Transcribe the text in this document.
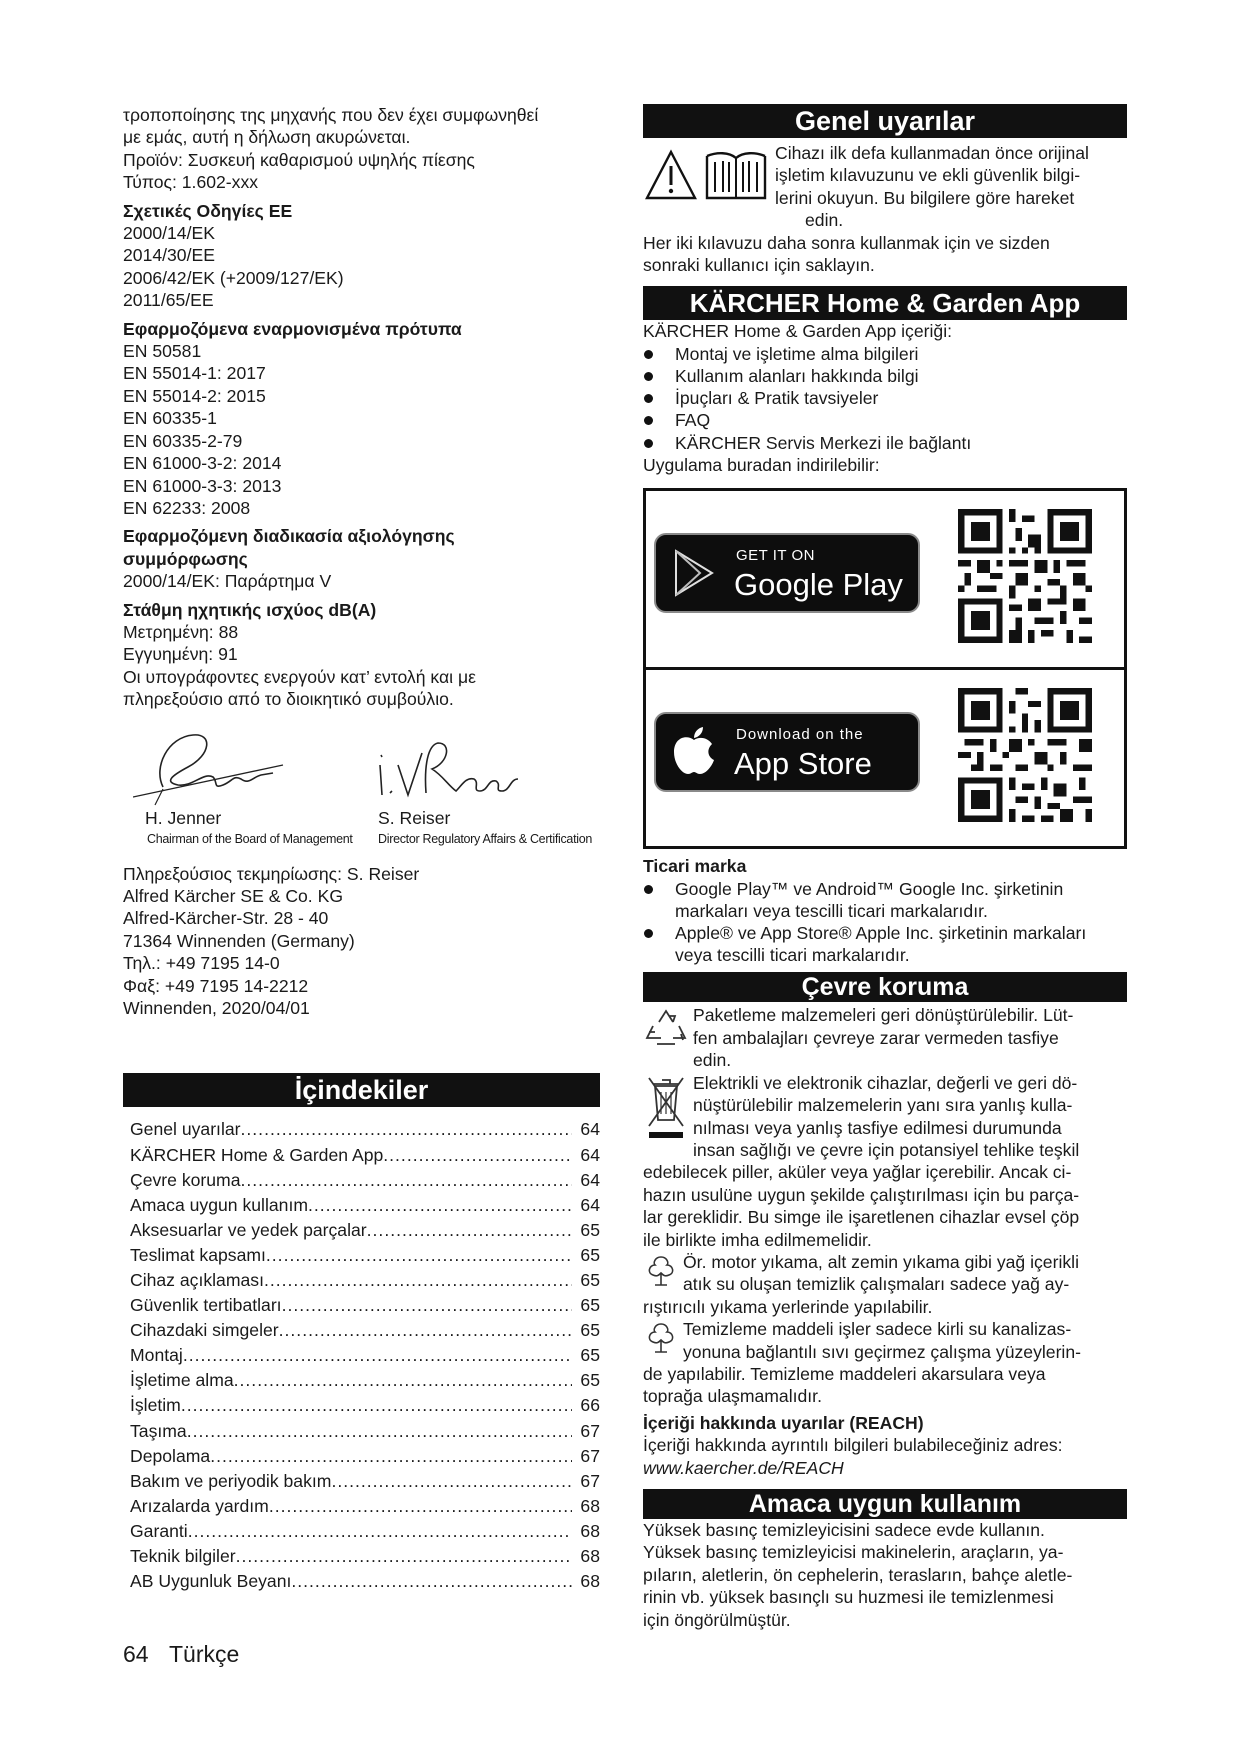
τροποποίησης της μηχανής που δεν έχει συμφωνηθεί

με εμάς, αυτή η δήλωση ακυρώνεται.

Προϊόν: Συσκευή καθαρισμού υψηλής πίεσης

Τύπος: 1.602-xxx

Σχετικές Οδηγίες ΕΕ

2000/14/EK

2014/30/EE

2006/42/EK (+2009/127/EK)

2011/65/EE

Εφαρμοζόμενα εναρμονισμένα πρότυπα

EN 50581

EN 55014-1: 2017

EN 55014-2: 2015

EN 60335-1

EN 60335-2-79

EN 61000-3-2: 2014

EN 61000-3-3: 2013

EN 62233: 2008

Εφαρμοζόμενη διαδικασία αξιολόγησης

συμμόρφωσης

2000/14/EK: Παράρτημα V

Στάθμη ηχητικής ισχύος dB(A)

Μετρημένη: 88

Εγγυημένη: 91

Οι υπογράφοντες ενεργούν κατ’ εντολή και με

πληρεξούσιο από το διοικητικό συμβούλιο.

H. Jenner
Chairman of the Board of Management
S. Reiser
Director Regulatory Affairs & Certification

Πληρεξούσιος τεκμηρίωσης: S. Reiser

Alfred Kärcher SE & Co. KG

Alfred-Kärcher-Str. 28 - 40

71364 Winnenden (Germany)

Τηλ.: +49 7195 14-0

Φαξ: +49 7195 14-2212

Winnenden, 2020/04/01

İçindekiler
Genel uyarılar .....	64
KÄRCHER Home & Garden App .....	64
Çevre koruma .....	64
Amaca uygun kullanım .....	64
Aksesuarlar ve yedek parçalar .....	65
Teslimat kapsamı .....	65
Cihaz açıklaması .....	65
Güvenlik tertibatları .....	65
Cihazdaki simgeler .....	65
Montaj .....	65
İşletime alma .....	65
İşletim .....	66
Taşıma .....	67
Depolama .....	67
Bakım ve periyodik bakım .....	67
Arızalarda yardım .....	68
Garanti .....	68
Teknik bilgiler .....	68
AB Uygunluk Beyanı .....	68
Genel uyarılar

Cihazı ilk defa kullanmadan önce orijinal

işletim kılavuzunu ve ekli güvenlik bilgi-

lerini okuyun. Bu bilgilere göre hareket

edin.

Her iki kılavuzu daha sonra kullanmak için ve sizden

sonraki kullanıcı için saklayın.

KÄRCHER Home & Garden App

KÄRCHER Home & Garden App içeriği:

Montaj ve işletime alma bilgileri
Kullanım alanları hakkında bilgi
İpuçları & Pratik tavsiyeler
FAQ
KÄRCHER Servis Merkezi ile bağlantı

Uygulama buradan indirilebilir:

GET IT ON
Google Play
Download on the
App Store

Ticari marka

Google Play™ ve Android™ Google Inc. şirketinin
markaları veya tescilli ticari markalarıdır.
Apple® ve App Store® Apple Inc. şirketinin markaları
veya tescilli ticari markalarıdır.
Çevre koruma

Paketleme malzemeleri geri dönüştürülebilir. Lüt-

fen ambalajları çevreye zarar vermeden tasfiye

edin.

Elektrikli ve elektronik cihazlar, değerli ve geri dö-

nüştürülebilir malzemelerin yanı sıra yanlış kulla-

nılması veya yanlış tasfiye edilmesi durumunda

insan sağlığı ve çevre için potansiyel tehlike teşkil

edebilecek piller, aküler veya yağlar içerebilir. Ancak ci-

hazın usulüne uygun şekilde çalıştırılması için bu parça-

lar gereklidir. Bu simge ile işaretlenen cihazlar evsel çöp

ile birlikte imha edilmemelidir.

Ör. motor yıkama, alt zemin yıkama gibi yağ içerikli

atık su oluşan temizlik çalışmaları sadece yağ ay-

rıştırıcılı yıkama yerlerinde yapılabilir.

Temizleme maddeli işler sadece kirli su kanalizas-

yonuna bağlantılı sıvı geçirmez çalışma yüzeylerin-

de yapılabilir. Temizleme maddeleri akarsulara veya

toprağa ulaşmamalıdır.

İçeriği hakkında uyarılar (REACH)

İçeriği hakkında ayrıntılı bilgileri bulabileceğiniz adres:

www.kaercher.de/REACH

Amaca uygun kullanım

Yüksek basınç temizleyicisini sadece evde kullanın.

Yüksek basınç temizleyicisi makinelerin, araçların, ya-

pıların, aletlerin, ön cephelerin, terasların, bahçe aletle-

rinin vb. yüksek basınçlı su huzmesi ile temizlenmesi

için öngörülmüştür.

64 Türkçe
